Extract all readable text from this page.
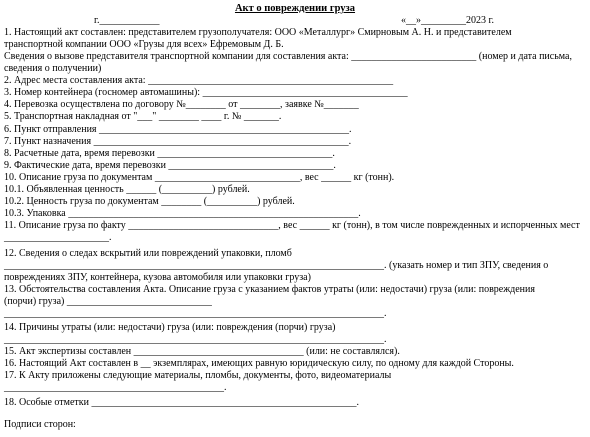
Акт о повреждении груза
г.____________	«__»_________2023 г.
1. Настоящий акт составлен: представителем грузополучателя: ООО «Металлург» Смирновым А. Н. и представителем
транспортной компании ООО «Грузы для всех» Ефремовым Д. Б.
Сведения о вызове представителя транспортной компании для составления акта: _________________________ (номер и дата письма,
сведения о получении)
2. Адрес места составления акта: _________________________________________________
3. Номер контейнера (госномер автомашины): _________________________________________
4. Перевозка осуществлена по договору №________ от ________, заявке №_______
5. Транспортная накладная от "___" ________ ____ г. № _______.
6. Пункт отправления __________________________________________________.
7. Пункт назначения ___________________________________________________.
8. Расчетные дата, время перевозки ___________________________________.
9. Фактические дата, время перевозки _________________________________.
10. Описание груза по документам _____________________________, вес ______ кг (тонн).
10.1. Объявленная ценность ______ (__________) рублей.
10.2. Ценность груза по документам ________ (__________) рублей.
10.3. Упаковка __________________________________________________________.
11. Описание груза по факту ______________________________, вес ______ кг (тонн), в том числе поврежденных и испорченных мест
_____________________.
12. Сведения о следах вскрытий или повреждений упаковки, пломб
____________________________________________________________________________. (указать номер и тип ЗПУ, сведения о
повреждениях ЗПУ, контейнера, кузова автомобиля или упаковки груза)
13. Обстоятельства составления Акта. Описание груза с указанием фактов утраты (или: недостачи) груза (или: повреждения
(порчи) груза) _____________________________
____________________________________________________________________________.
14. Причины утраты (или: недостачи) груза (или: повреждения (порчи) груза)
____________________________________________________________________________.
15. Акт экспертизы составлен __________________________________ (или: не составлялся).
16. Настоящий Акт составлен в __ экземплярах, имеющих равную юридическую силу, по одному для каждой Стороны.
17. К Акту приложены следующие материалы, пломбы, документы, фото, видеоматериалы
____________________________________________.
18. Особые отметки _____________________________________________________.
Подписи сторон:
